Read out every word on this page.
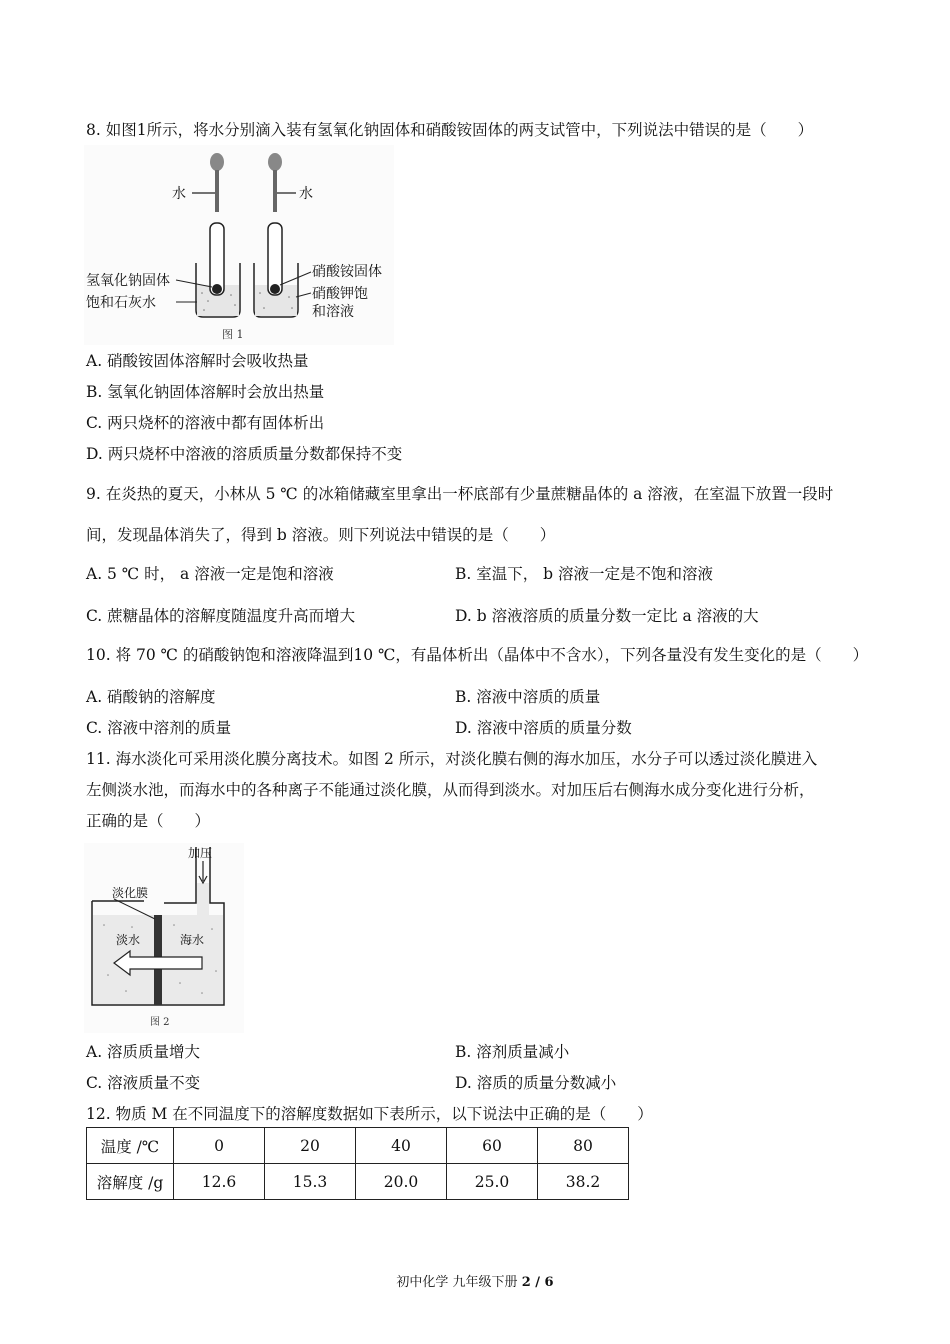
8. 如图1所示，将水分别滴入装有氢氧化钠固体和硝酸铵固体的两支试管中，下列说法中错误的是（　　）
水	水
氢氧化钠固体
饱和石灰水
硝酸铵固体
硝酸钾饱
和溶液
图 1
A. 硝酸铵固体溶解时会吸收热量
B. 氢氧化钠固体溶解时会放出热量
C. 两只烧杯的溶液中都有固体析出
D. 两只烧杯中溶液的溶质质量分数都保持不变
9. 在炎热的夏天，小林从 5 ℃ 的冰箱储藏室里拿出一杯底部有少量蔗糖晶体的 a 溶液，在室温下放置一段时
间，发现晶体消失了，得到 b 溶液。则下列说法中错误的是（　　）
A. 5 ℃ 时， a 溶液一定是饱和溶液	B. 室温下， b 溶液一定是不饱和溶液
C. 蔗糖晶体的溶解度随温度升高而增大	D. b 溶液溶质的质量分数一定比 a 溶液的大
10. 将 70 ℃ 的硝酸钠饱和溶液降温到10 ℃，有晶体析出（晶体中不含水），下列各量没有发生变化的是（　　）
A. 硝酸钠的溶解度	B. 溶液中溶质的质量
C. 溶液中溶剂的质量	D. 溶液中溶质的质量分数
11. 海水淡化可采用淡化膜分离技术。如图 2 所示，对淡化膜右侧的海水加压，水分子可以透过淡化膜进入
左侧淡水池，而海水中的各种离子不能通过淡化膜，从而得到淡水。对加压后右侧海水成分变化进行分析，
正确的是（　　）
加压
淡化膜
淡水	海水
图 2
A. 溶质质量增大	B. 溶剂质量减小
C. 溶液质量不变	D. 溶质的质量分数减小
12. 物质 M 在不同温度下的溶解度数据如下表所示，以下说法中正确的是（　　）
温度 /℃	0	20	40	60	80
溶解度 /g	12.6	15.3	20.0	25.0	38.2
初中化学 九年级下册 2 / 6
